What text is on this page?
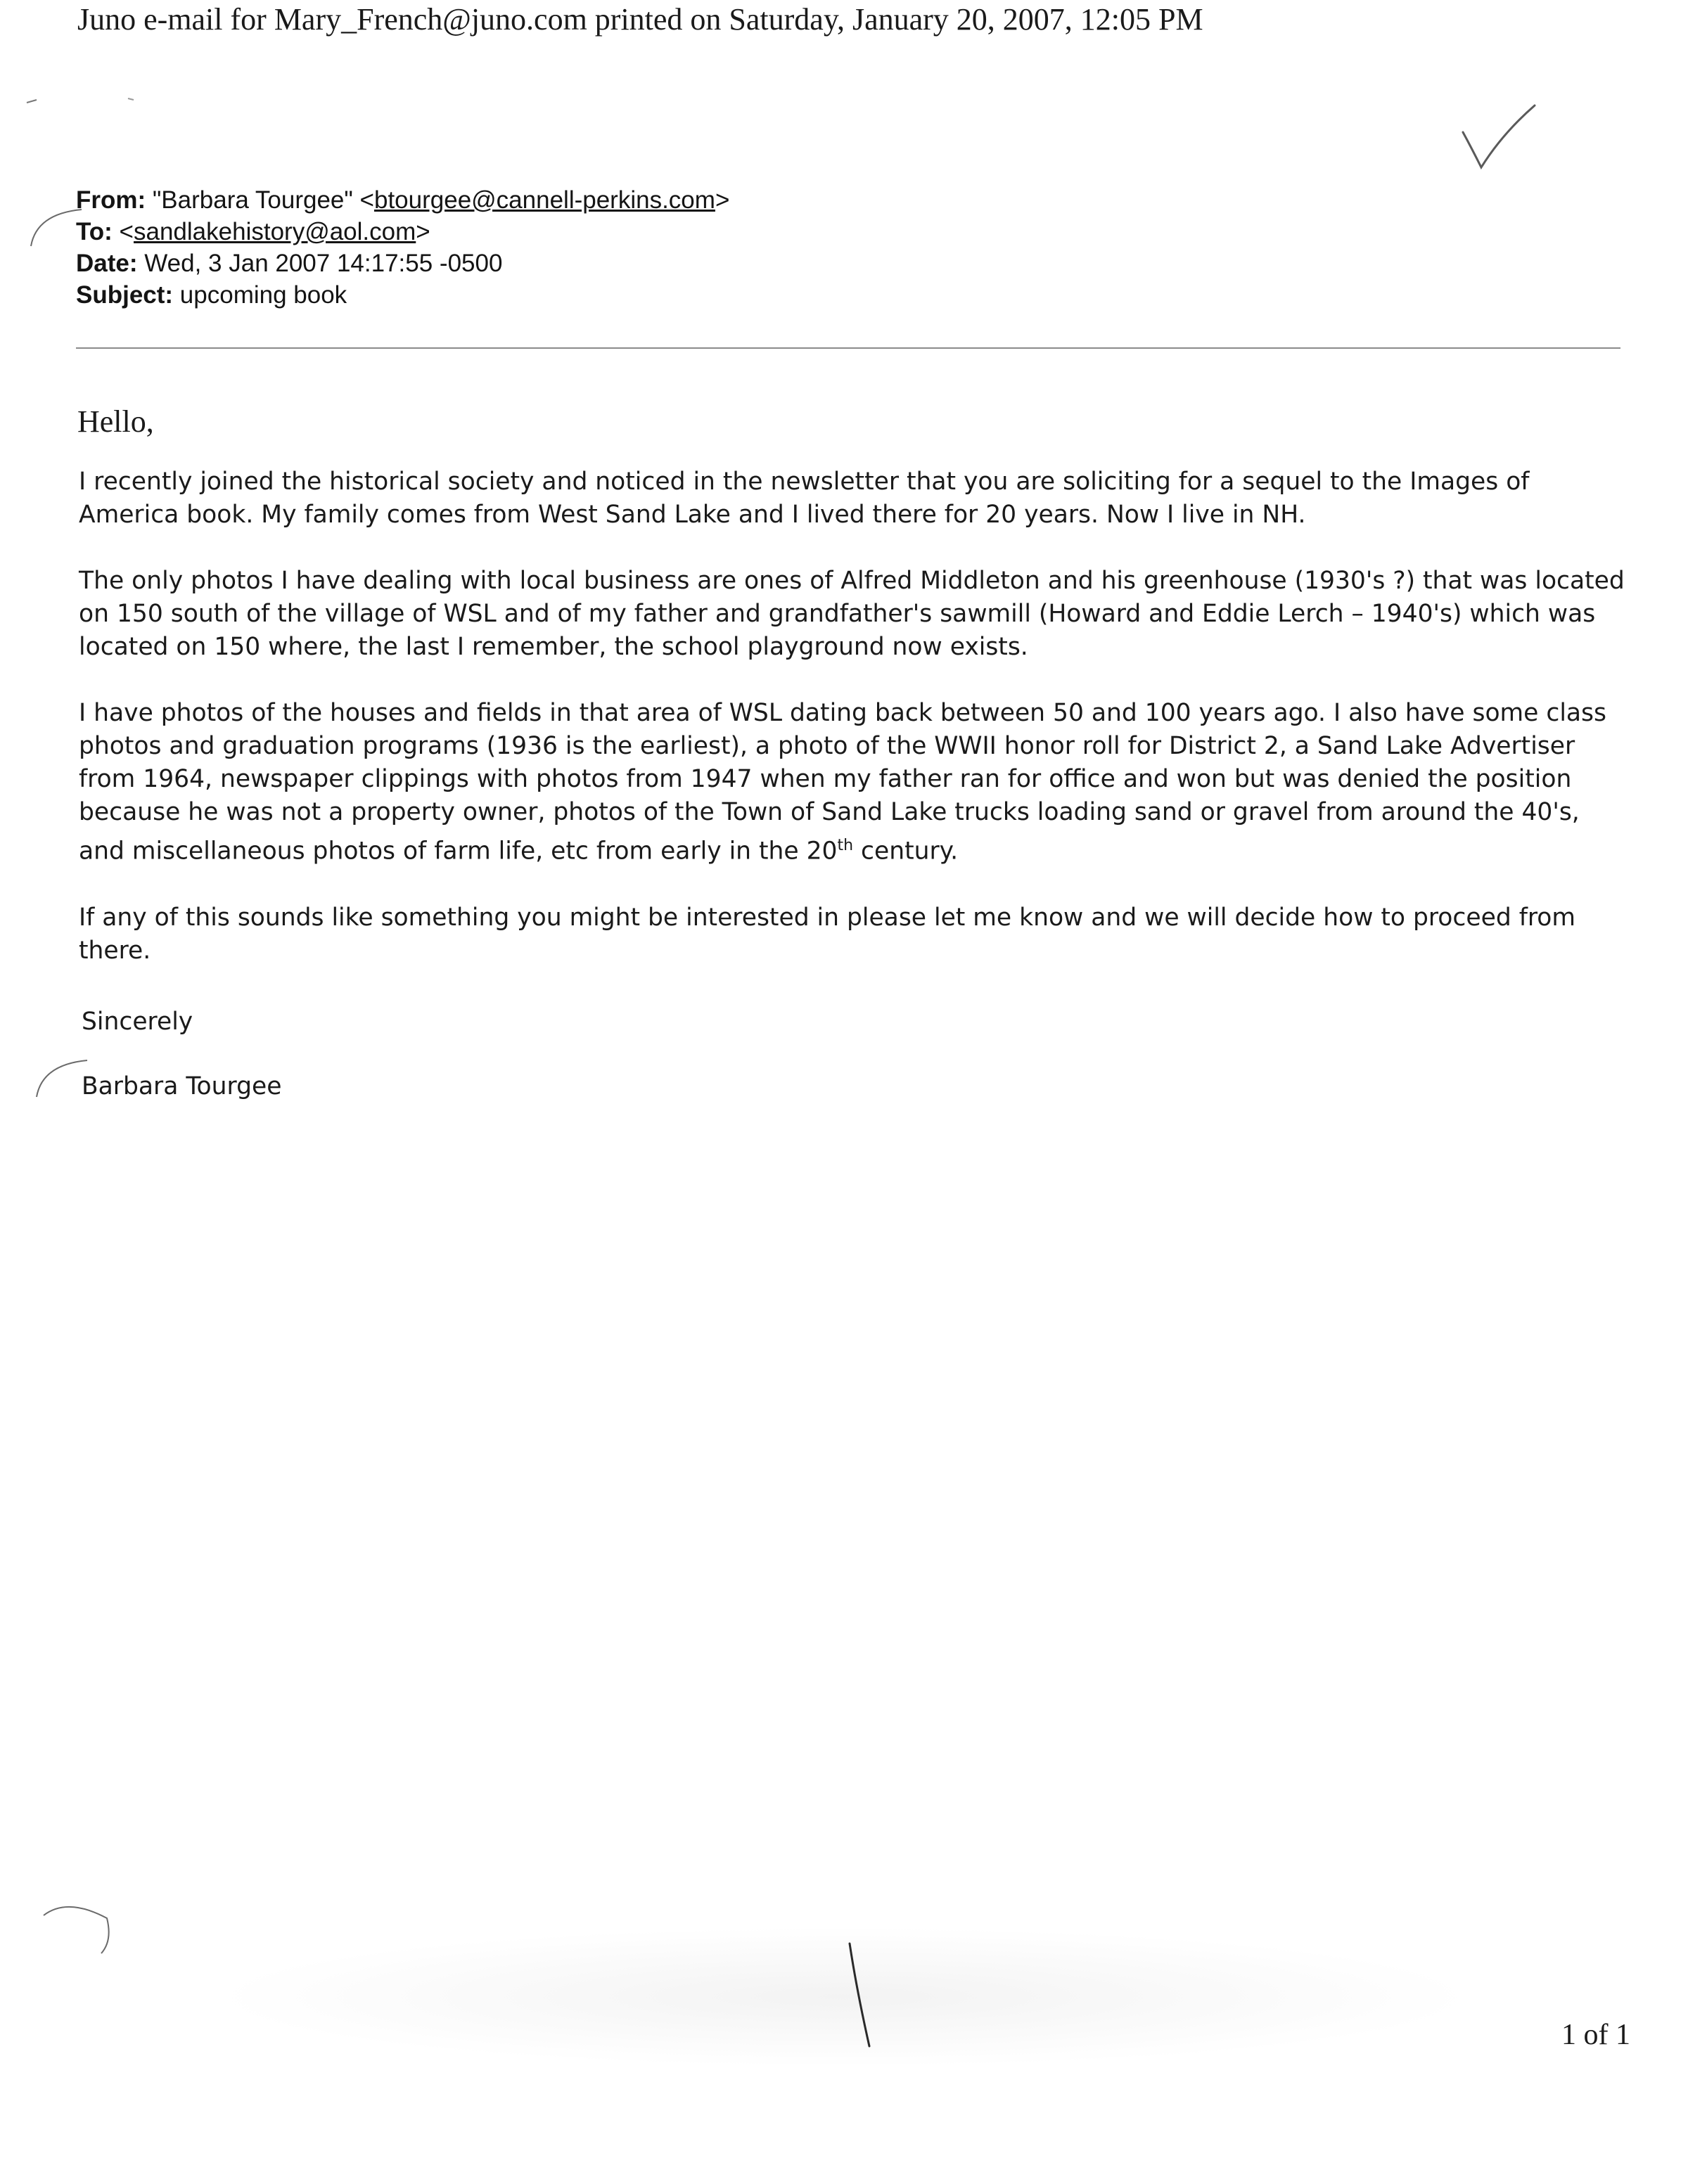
Juno e-mail for Mary_French@juno.com printed on Saturday, January 20, 2007, 12:05 PM
From: "Barbara Tourgee" <btourgee@cannell-perkins.com>
To: <sandlakehistory@aol.com>
Date: Wed, 3 Jan 2007 14:17:55 -0500
Subject: upcoming book
Hello,

I recently joined the historical society and noticed in the newsletter that you are soliciting for a sequel to the Images of America book. My family comes from West Sand Lake and I lived there for 20 years. Now I live in NH.

The only photos I have dealing with local business are ones of Alfred Middleton and his greenhouse (1930's ?) that was located on 150 south of the village of WSL and of my father and grandfather's sawmill (Howard and Eddie Lerch – 1940's) which was located on 150 where, the last I remember, the school playground now exists.

I have photos of the houses and fields in that area of WSL dating back between 50 and 100 years ago. I also have some class photos and graduation programs (1936 is the earliest), a photo of the WWII honor roll for District 2, a Sand Lake Advertiser from 1964, newspaper clippings with photos from 1947 when my father ran for office and won but was denied the position because he was not a property owner, photos of the Town of Sand Lake trucks loading sand or gravel from around the 40's, and miscellaneous photos of farm life, etc from early in the 20th century.

If any of this sounds like something you might be interested in please let me know and we will decide how to proceed from there.

Sincerely
Barbara Tourgee
1 of 1
